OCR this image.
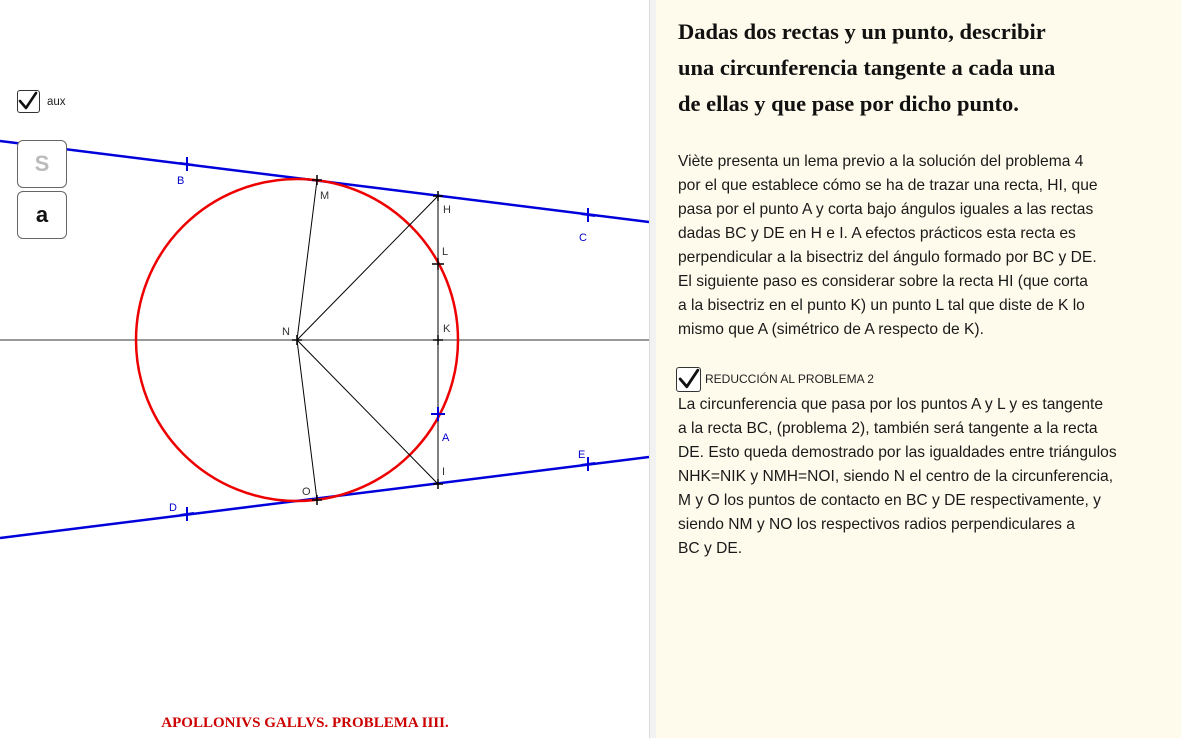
B
C
D
E
A
M
H
L
N	K
I
O
aux
S
a
APOLLONIVS GALLVS. PROBLEMA IIII.
Dadas dos rectas y un punto, describir
una circunferencia tangente a cada una
de ellas y que pase por dicho punto.
Viète presenta un lema previo a la solución del problema 4
por el que establece cómo se ha de trazar una recta, HI, que
pasa por el punto A y corta bajo ángulos iguales a las rectas
dadas BC y DE en H e I. A efectos prácticos esta recta es
perpendicular a la bisectriz del ángulo formado por BC y DE.
El siguiente paso es considerar sobre la recta HI (que corta
a la bisectriz en el punto K) un punto L tal que diste de K lo
mismo que A (simétrico de A respecto de K).
REDUCCIÓN AL PROBLEMA 2
La circunferencia que pasa por los puntos A y L y es tangente
a la recta BC, (problema 2), también será tangente a la recta
DE. Esto queda demostrado por las igualdades entre triángulos
NHK=NIK y NMH=NOI, siendo N el centro de la circunferencia,
M y O los puntos de contacto en BC y DE respectivamente, y
siendo NM y NO los respectivos radios perpendiculares a
BC y DE.
